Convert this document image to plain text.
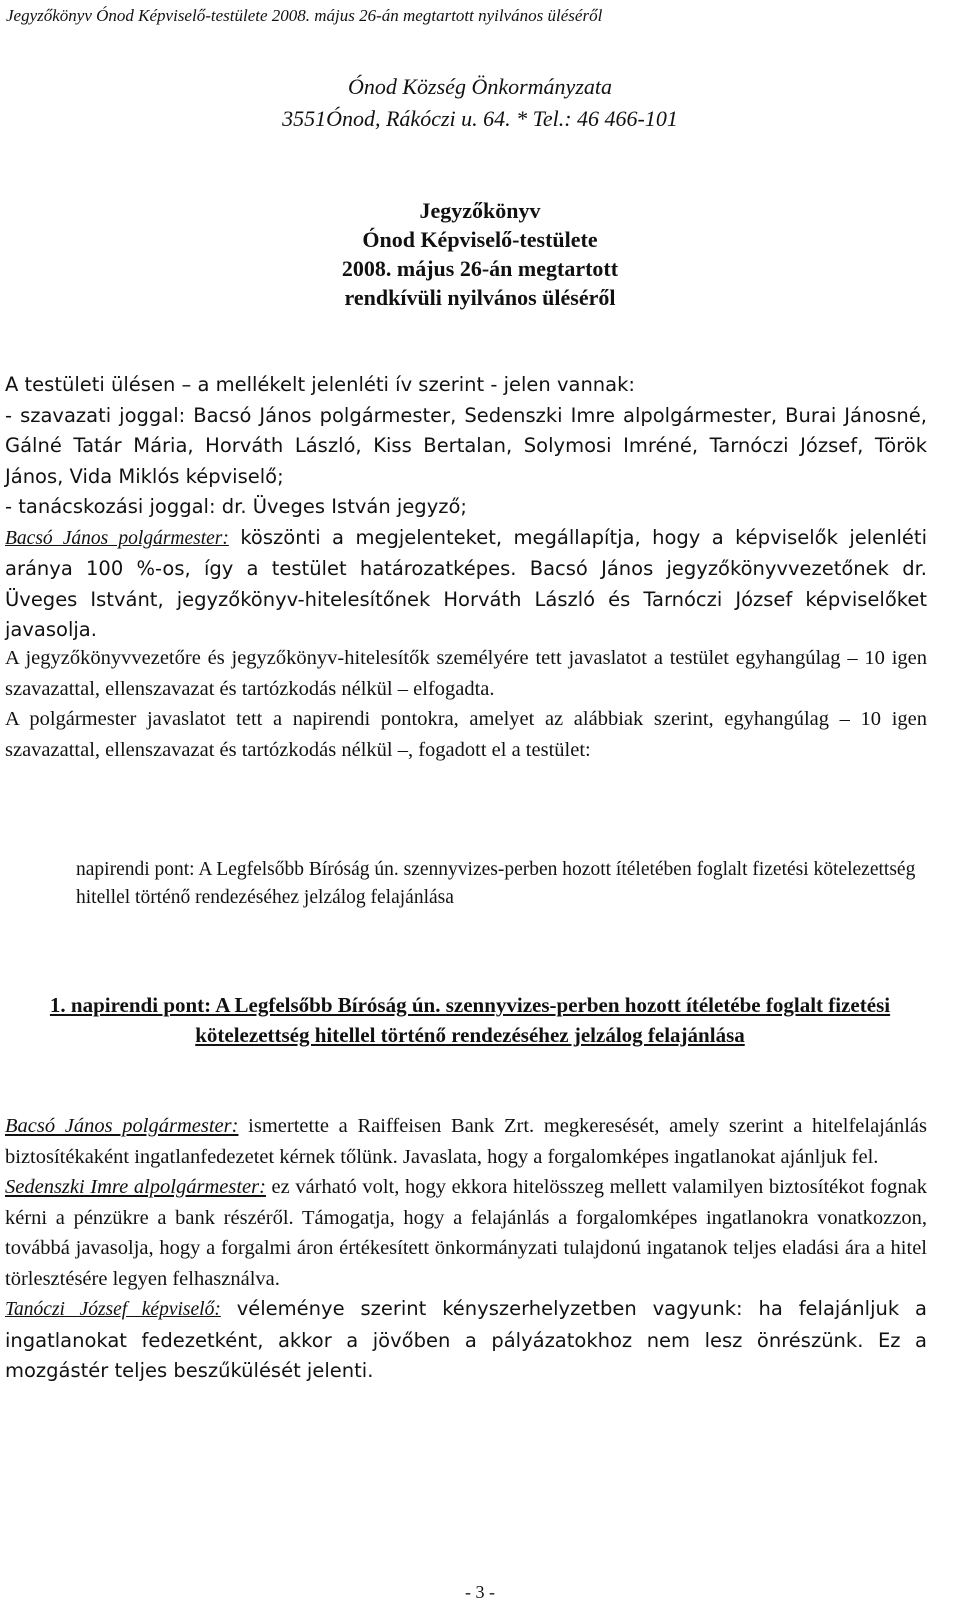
Jegyzőkönyv Ónod Képviselő-testülete 2008. május 26-án megtartott nyilvános üléséről
Ónod Község Önkormányzata
3551Ónod, Rákóczi u. 64. * Tel.: 46 466-101
Jegyzőkönyv
Ónod Képviselő-testülete
2008. május 26-án megtartott
rendkívüli nyilvános üléséről

A testületi ülésen – a mellékelt jelenléti ív szerint - jelen vannak:

- szavazati joggal: Bacsó János polgármester, Sedenszki Imre alpolgármester, Burai Jánosné, Gálné Tatár Mária, Horváth László, Kiss Bertalan, Solymosi Imréné, Tarnóczi József, Török János, Vida Miklós képviselő;

- tanácskozási joggal: dr. Üveges István jegyző;

Bacsó János polgármester: köszönti a megjelenteket, megállapítja, hogy a képviselők jelenléti aránya 100 %-os, így a testület határozatképes. Bacsó János jegyzőkönyvvezetőnek dr. Üveges Istvánt, jegyzőkönyv-hitelesítőnek Horváth László és Tarnóczi József képviselőket javasolja.

A jegyzőkönyvvezetőre és jegyzőkönyv-hitelesítők személyére tett javaslatot a testület egyhangúlag – 10 igen szavazattal, ellenszavazat és tartózkodás nélkül – elfogadta.

A polgármester javaslatot tett a napirendi pontokra, amelyet az alábbiak szerint, egyhangúlag – 10 igen szavazattal, ellenszavazat és tartózkodás nélkül –, fogadott el a testület:

napirendi pont: A Legfelsőbb Bíróság ún. szennyvizes-perben hozott ítéletében foglalt fizetési kötelezettség hitellel történő rendezéséhez jelzálog felajánlása
1. napirendi pont: A Legfelsőbb Bíróság ún. szennyvizes-perben hozott ítéletébe foglalt fizetési kötelezettség hitellel történő rendezéséhez jelzálog felajánlása

Bacsó János polgármester: ismertette a Raiffeisen Bank Zrt. megkeresését, amely szerint a hitelfelajánlás biztosítékaként ingatlanfedezetet kérnek tőlünk. Javaslata, hogy a forgalomképes ingatlanokat ajánljuk fel.

Sedenszki Imre alpolgármester: ez várható volt, hogy ekkora hitelösszeg mellett valamilyen biztosítékot fognak kérni a pénzükre a bank részéről. Támogatja, hogy a felajánlás a forgalomképes ingatlanokra vonatkozzon, továbbá javasolja, hogy a forgalmi áron értékesített önkormányzati tulajdonú ingatanok teljes eladási ára a hitel törlesztésére legyen felhasználva.

Tanóczi József képviselő: véleménye szerint kényszerhelyzetben vagyunk: ha felajánljuk a ingatlanokat fedezetként, akkor a jövőben a pályázatokhoz nem lesz önrészünk. Ez a mozgástér teljes beszűkülését jelenti.

- 3 -
